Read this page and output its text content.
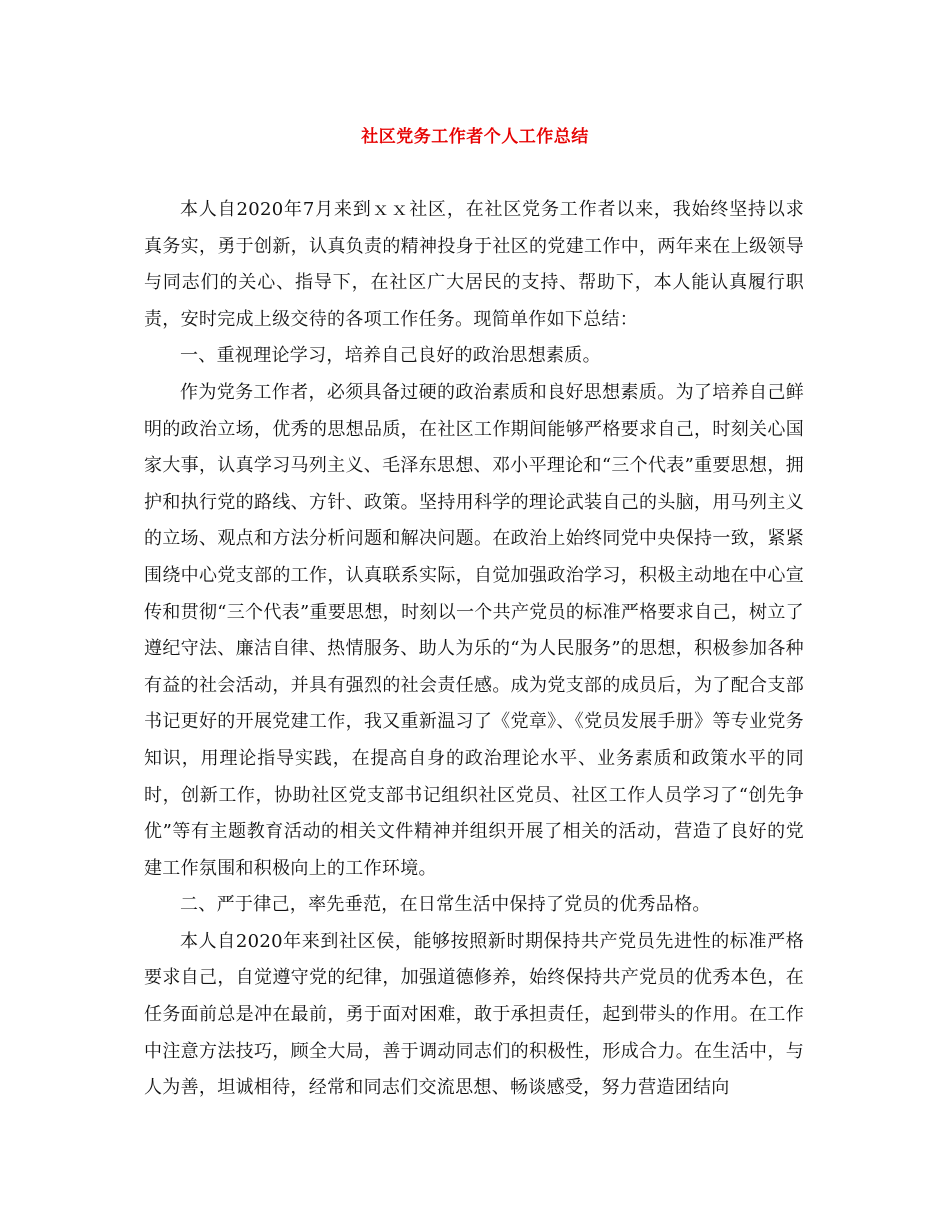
社区党务工作者个人工作总结

本人自2020年7月来到ｘｘ社区，在社区党务工作者以来，我始终坚持以求真务实，勇于创新，认真负责的精神投身于社区的党建工作中，两年来在上级领导与同志们的关心、指导下，在社区广大居民的支持、帮助下，本人能认真履行职责，安时完成上级交待的各项工作任务。现简单作如下总结：

一、重视理论学习，培养自己良好的政治思想素质。

作为党务工作者，必须具备过硬的政治素质和良好思想素质。为了培养自己鲜明的政治立场，优秀的思想品质，在社区工作期间能够严格要求自己，时刻关心国家大事，认真学习马列主义、毛泽东思想、邓小平理论和“三个代表”重要思想，拥护和执行党的路线、方针、政策。坚持用科学的理论武装自己的头脑，用马列主义的立场、观点和方法分析问题和解决问题。在政治上始终同党中央保持一致，紧紧围绕中心党支部的工作，认真联系实际，自觉加强政治学习，积极主动地在中心宣传和贯彻“三个代表”重要思想，时刻以一个共产党员的标准严格要求自己，树立了遵纪守法、廉洁自律、热情服务、助人为乐的“为人民服务”的思想，积极参加各种有益的社会活动，并具有强烈的社会责任感。成为党支部的成员后，为了配合支部书记更好的开展党建工作，我又重新温习了《党章》、《党员发展手册》等专业党务知识，用理论指导实践，在提高自身的政治理论水平、业务素质和政策水平的同时，创新工作，协助社区党支部书记组织社区党员、社区工作人员学习了“创先争优”等有主题教育活动的相关文件精神并组织开展了相关的活动，营造了良好的党建工作氛围和积极向上的工作环境。

二、严于律己，率先垂范，在日常生活中保持了党员的优秀品格。

本人自2020年来到社区侯，能够按照新时期保持共产党员先进性的标准严格要求自己，自觉遵守党的纪律，加强道德修养，始终保持共产党员的优秀本色，在任务面前总是冲在最前，勇于面对困难，敢于承担责任，起到带头的作用。在工作中注意方法技巧，顾全大局，善于调动同志们的积极性，形成合力。在生活中，与人为善，坦诚相待，经常和同志们交流思想、畅谈感受，努力营造团结向
